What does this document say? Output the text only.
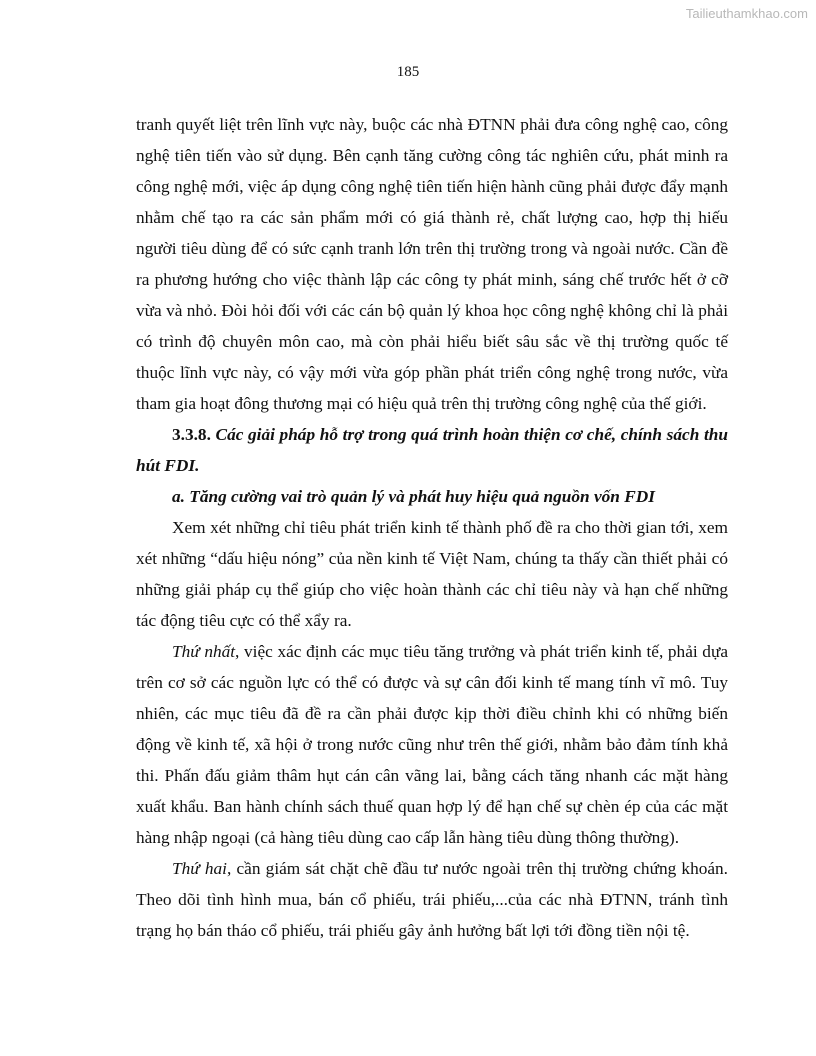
Tailieuthamkhao.com
185

tranh quyết liệt trên lĩnh vực này, buộc các nhà ĐTNN phải đưa công nghệ cao, công nghệ tiên tiến vào sử dụng. Bên cạnh tăng cường công tác nghiên cứu, phát minh ra công nghệ mới, việc áp dụng công nghệ tiên tiến hiện hành cũng phải được đẩy mạnh nhằm chế tạo ra các sản phẩm mới có giá thành rẻ, chất lượng cao, hợp thị hiếu người tiêu dùng để có sức cạnh tranh lớn trên thị trường trong và ngoài nước. Cần đề ra phương hướng cho việc thành lập các công ty phát minh, sáng chế trước hết ở cỡ vừa và nhỏ. Đòi hỏi đối với các cán bộ quản lý khoa học công nghệ không chỉ là phải có trình độ chuyên môn cao, mà còn phải hiểu biết sâu sắc về thị trường quốc tế thuộc lĩnh vực này, có vậy mới vừa góp phần phát triển công nghệ trong nước, vừa tham gia hoạt đông thương mại có hiệu quả trên thị trường công nghệ của thế giới.

3.3.8. Các giải pháp hỗ trợ trong quá trình hoàn thiện cơ chế, chính sách thu hút FDI.

a. Tăng cường vai trò quản lý và phát huy hiệu quả nguồn vốn FDI

Xem xét những chỉ tiêu phát triển kinh tế thành phố đề ra cho thời gian tới, xem xét những “dấu hiệu nóng” của nền kinh tế Việt Nam, chúng ta thấy cần thiết phải có những giải pháp cụ thể giúp cho việc hoàn thành các chỉ tiêu này và hạn chế những tác động tiêu cực có thể xẩy ra.

Thứ nhất, việc xác định các mục tiêu tăng trưởng và phát triển kinh tế, phải dựa trên cơ sở các nguồn lực có thể có được và sự cân đối kinh tế mang tính vĩ mô. Tuy nhiên, các mục tiêu đã đề ra cần phải được kịp thời điều chỉnh khi có những biến động về kinh tế, xã hội ở trong nước cũng như trên thế giới, nhằm bảo đảm tính khả thi. Phấn đấu giảm thâm hụt cán cân vãng lai, bằng cách tăng nhanh các mặt hàng xuất khẩu. Ban hành chính sách thuế quan hợp lý để hạn chế sự chèn ép của các mặt hàng nhập ngoại (cả hàng tiêu dùng cao cấp lẫn hàng tiêu dùng thông thường).

Thứ hai, cần giám sát chặt chẽ đầu tư nước ngoài trên thị trường chứng khoán. Theo dõi tình hình mua, bán cổ phiếu, trái phiếu,...của các nhà ĐTNN, tránh tình trạng họ bán tháo cổ phiếu, trái phiếu gây ảnh hưởng bất lợi tới đồng tiền nội tệ.
